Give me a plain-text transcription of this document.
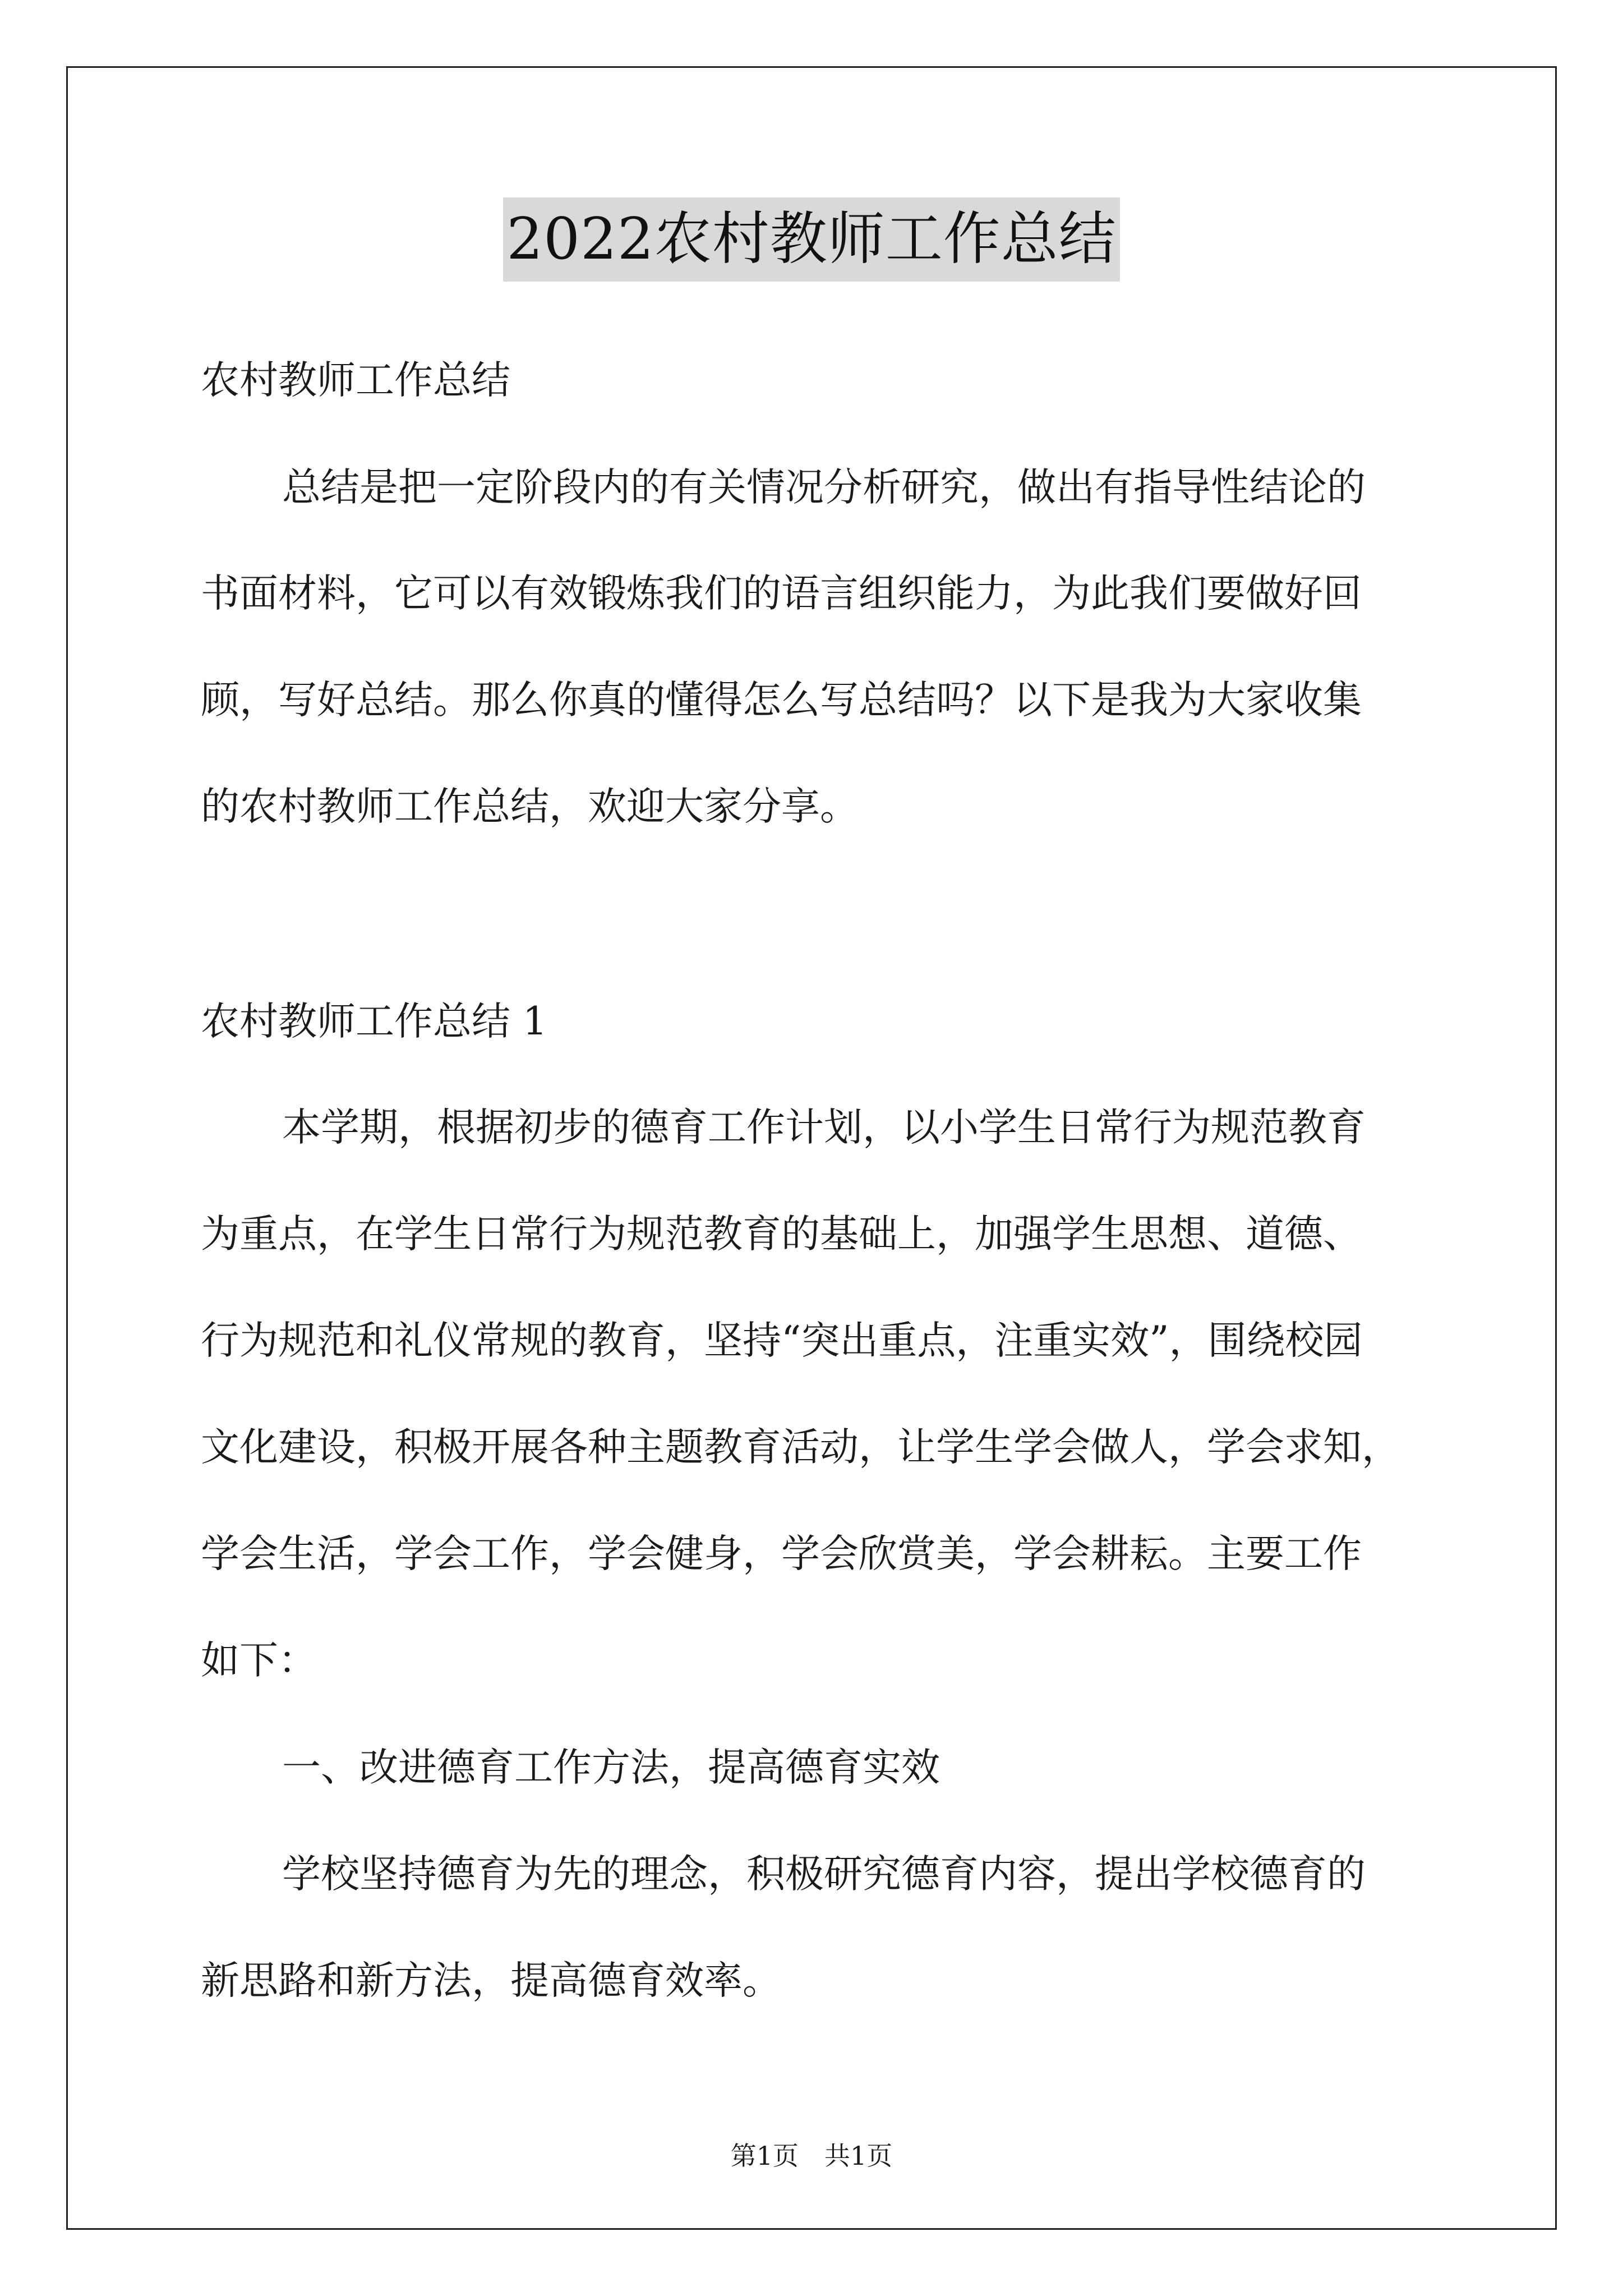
2022农村教师工作总结
农村教师工作总结
总结是把一定阶段内的有关情况分析研究，做出有指导性结论的
书面材料，它可以有效锻炼我们的语言组织能力，为此我们要做好回
顾，写好总结。那么你真的懂得怎么写总结吗？以下是我为大家收集
的农村教师工作总结，欢迎大家分享。
农村教师工作总结 1
本学期，根据初步的德育工作计划，以小学生日常行为规范教育
为重点，在学生日常行为规范教育的基础上，加强学生思想、道德、
行为规范和礼仪常规的教育，坚持“突出重点，注重实效”，围绕校园
文化建设，积极开展各种主题教育活动，让学生学会做人，学会求知，
学会生活，学会工作，学会健身，学会欣赏美，学会耕耘。主要工作
如下：
一、改进德育工作方法，提高德育实效
学校坚持德育为先的理念，积极研究德育内容，提出学校德育的
新思路和新方法，提高德育效率。
第1页　共1页
